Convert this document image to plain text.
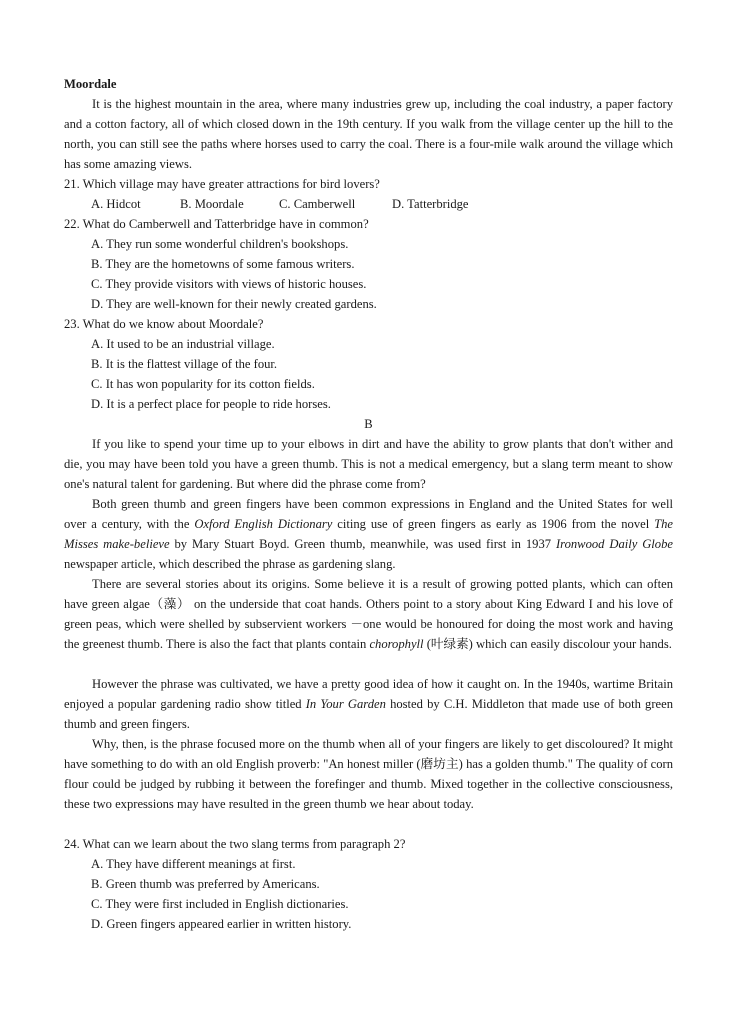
Moordale

It is the highest mountain in the area, where many industries grew up, including the coal industry, a paper factory and a cotton factory, all of which closed down in the 19th century. If you walk from the village center up the hill to the north, you can still see the paths where horses used to carry the coal. There is a four-mile walk around the village which has some amazing views.

21. Which village may have greater attractions for bird lovers?
A. Hidcot	B. Moordale	C. Camberwell	D. Tatterbridge
22. What do Camberwell and Tatterbridge have in common?
A. They run some wonderful children's bookshops.
B. They are the hometowns of some famous writers.
C. They provide visitors with views of historic houses.
D. They are well-known for their newly created gardens.
23. What do we know about Moordale?
A. It used to be an industrial village.
B. It is the flattest village of the four.
C. It has won popularity for its cotton fields.
D. It is a perfect place for people to ride horses.
B

If you like to spend your time up to your elbows in dirt and have the ability to grow plants that don't wither and die, you may have been told you have a green thumb. This is not a medical emergency, but a slang term meant to show one's natural talent for gardening. But where did the phrase come from?

Both green thumb and green fingers have been common expressions in England and the United States for well over a century, with the Oxford English Dictionary citing use of green fingers as early as 1906 from the novel The Misses make-believe by Mary Stuart Boyd. Green thumb, meanwhile, was used first in 1937 Ironwood Daily Globe newspaper article, which described the phrase as gardening slang.

There are several stories about its origins. Some believe it is a result of growing potted plants, which can often have green algae（藻） on the underside that coat hands. Others point to a story about King Edward I and his love of green peas, which were shelled by subservient workers －one would be honoured for doing the most work and having the greenest thumb. There is also the fact that plants contain chorophyll (叶绿素) which can easily discolour your hands.

However the phrase was cultivated, we have a pretty good idea of how it caught on. In the 1940s, wartime Britain enjoyed a popular gardening radio show titled In Your Garden hosted by C.H. Middleton that made use of both green thumb and green fingers.

Why, then, is the phrase focused more on the thumb when all of your fingers are likely to get discoloured? It might have something to do with an old English proverb: "An honest miller (磨坊主) has a golden thumb." The quality of corn flour could be judged by rubbing it between the forefinger and thumb. Mixed together in the collective consciousness, these two expressions may have resulted in the green thumb we hear about today.

24. What can we learn about the two slang terms from paragraph 2?
A. They have different meanings at first.
B. Green thumb was preferred by Americans.
C. They were first included in English dictionaries.
D. Green fingers appeared earlier in written history.
